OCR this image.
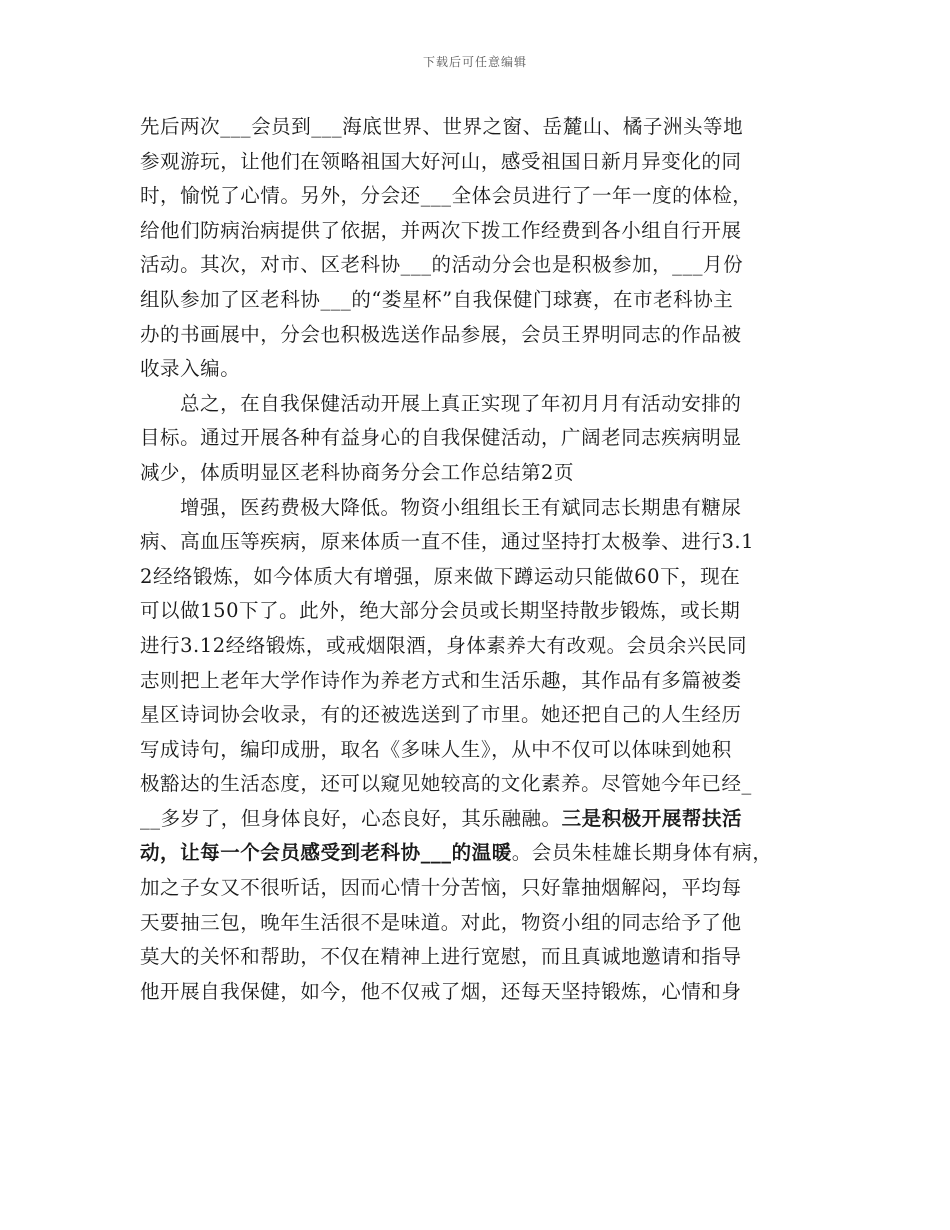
下载后可任意编辑
先后两次___会员到___海底世界、世界之窗、岳麓山、橘子洲头等地
参观游玩，让他们在领略祖国大好河山，感受祖国日新月异变化的同
时，愉悦了心情。另外，分会还___全体会员进行了一年一度的体检，
给他们防病治病提供了依据，并两次下拨工作经费到各小组自行开展
活动。其次，对市、区老科协___的活动分会也是积极参加，___月份
组队参加了区老科协___的“娄星杯”自我保健门球赛，在市老科协主
办的书画展中，分会也积极选送作品参展，会员王界明同志的作品被
收录入编。
总之，在自我保健活动开展上真正实现了年初月月有活动安排的
目标。通过开展各种有益身心的自我保健活动，广阔老同志疾病明显
减少，体质明显区老科协商务分会工作总结第2页
增强，医药费极大降低。物资小组组长王有斌同志长期患有糖尿
病、高血压等疾病，原来体质一直不佳，通过坚持打太极拳、进行3.1
2经络锻炼，如今体质大有增强，原来做下蹲运动只能做60下，现在
可以做150下了。此外，绝大部分会员或长期坚持散步锻炼，或长期
进行3.12经络锻炼，或戒烟限酒，身体素养大有改观。会员余兴民同
志则把上老年大学作诗作为养老方式和生活乐趣，其作品有多篇被娄
星区诗词协会收录，有的还被选送到了市里。她还把自己的人生经历
写成诗句，编印成册，取名《多味人生》，从中不仅可以体味到她积
极豁达的生活态度，还可以窥见她较高的文化素养。尽管她今年已经_
__多岁了，但身体良好，心态良好，其乐融融。三是积极开展帮扶活
动，让每一个会员感受到老科协___的温暖。会员朱桂雄长期身体有病，
加之子女又不很听话，因而心情十分苦恼，只好靠抽烟解闷，平均每
天要抽三包，晚年生活很不是味道。对此，物资小组的同志给予了他
莫大的关怀和帮助，不仅在精神上进行宽慰，而且真诚地邀请和指导
他开展自我保健，如今，他不仅戒了烟，还每天坚持锻炼，心情和身
